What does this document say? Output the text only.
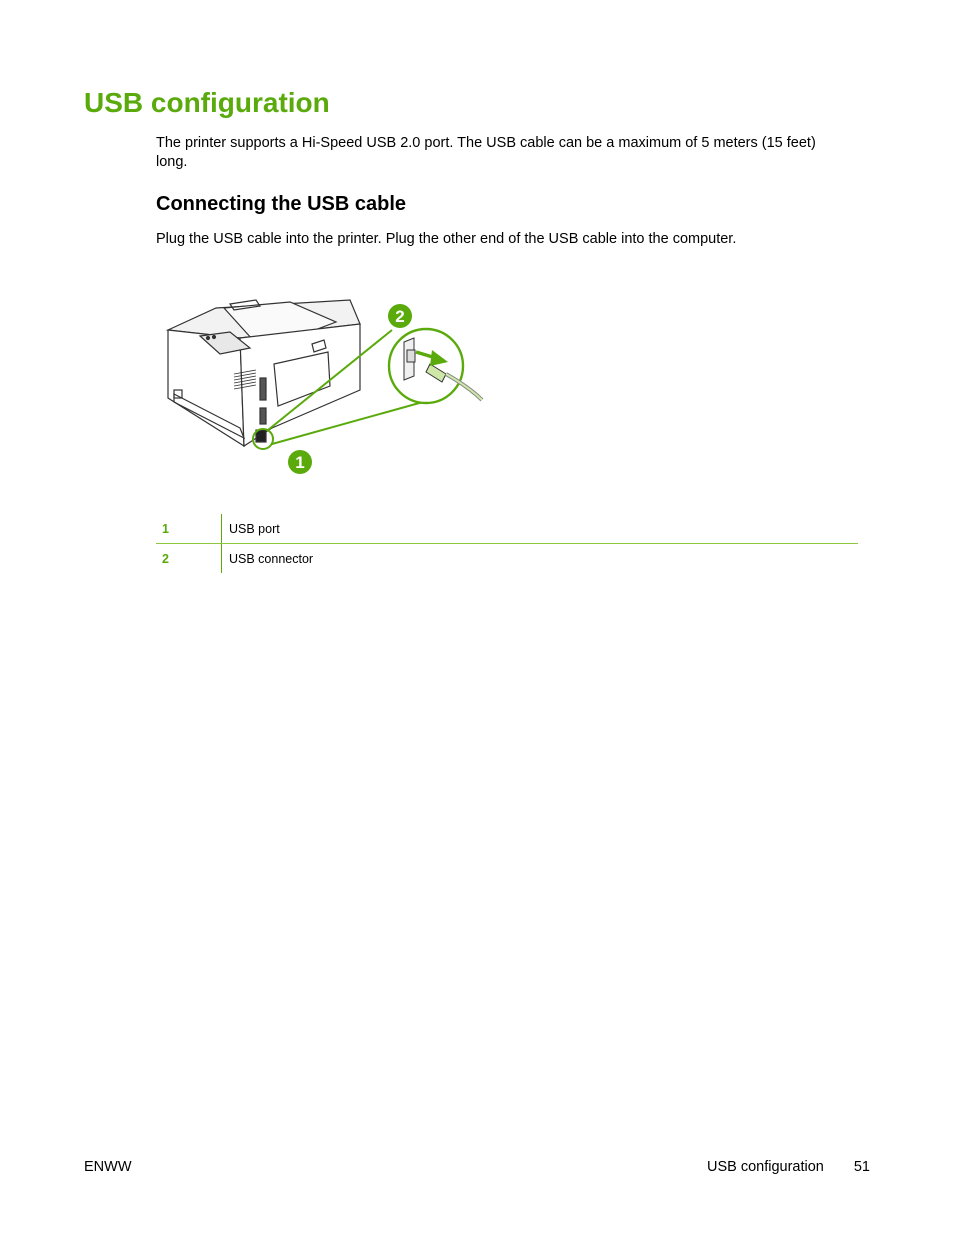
USB configuration

The printer supports a Hi-Speed USB 2.0 port. The USB cable can be a maximum of 5 meters (15 feet) long.

Connecting the USB cable

Plug the USB cable into the printer. Plug the other end of the USB cable into the computer.

2
1
1	USB port
2	USB connector
ENWW	USB configuration 51
